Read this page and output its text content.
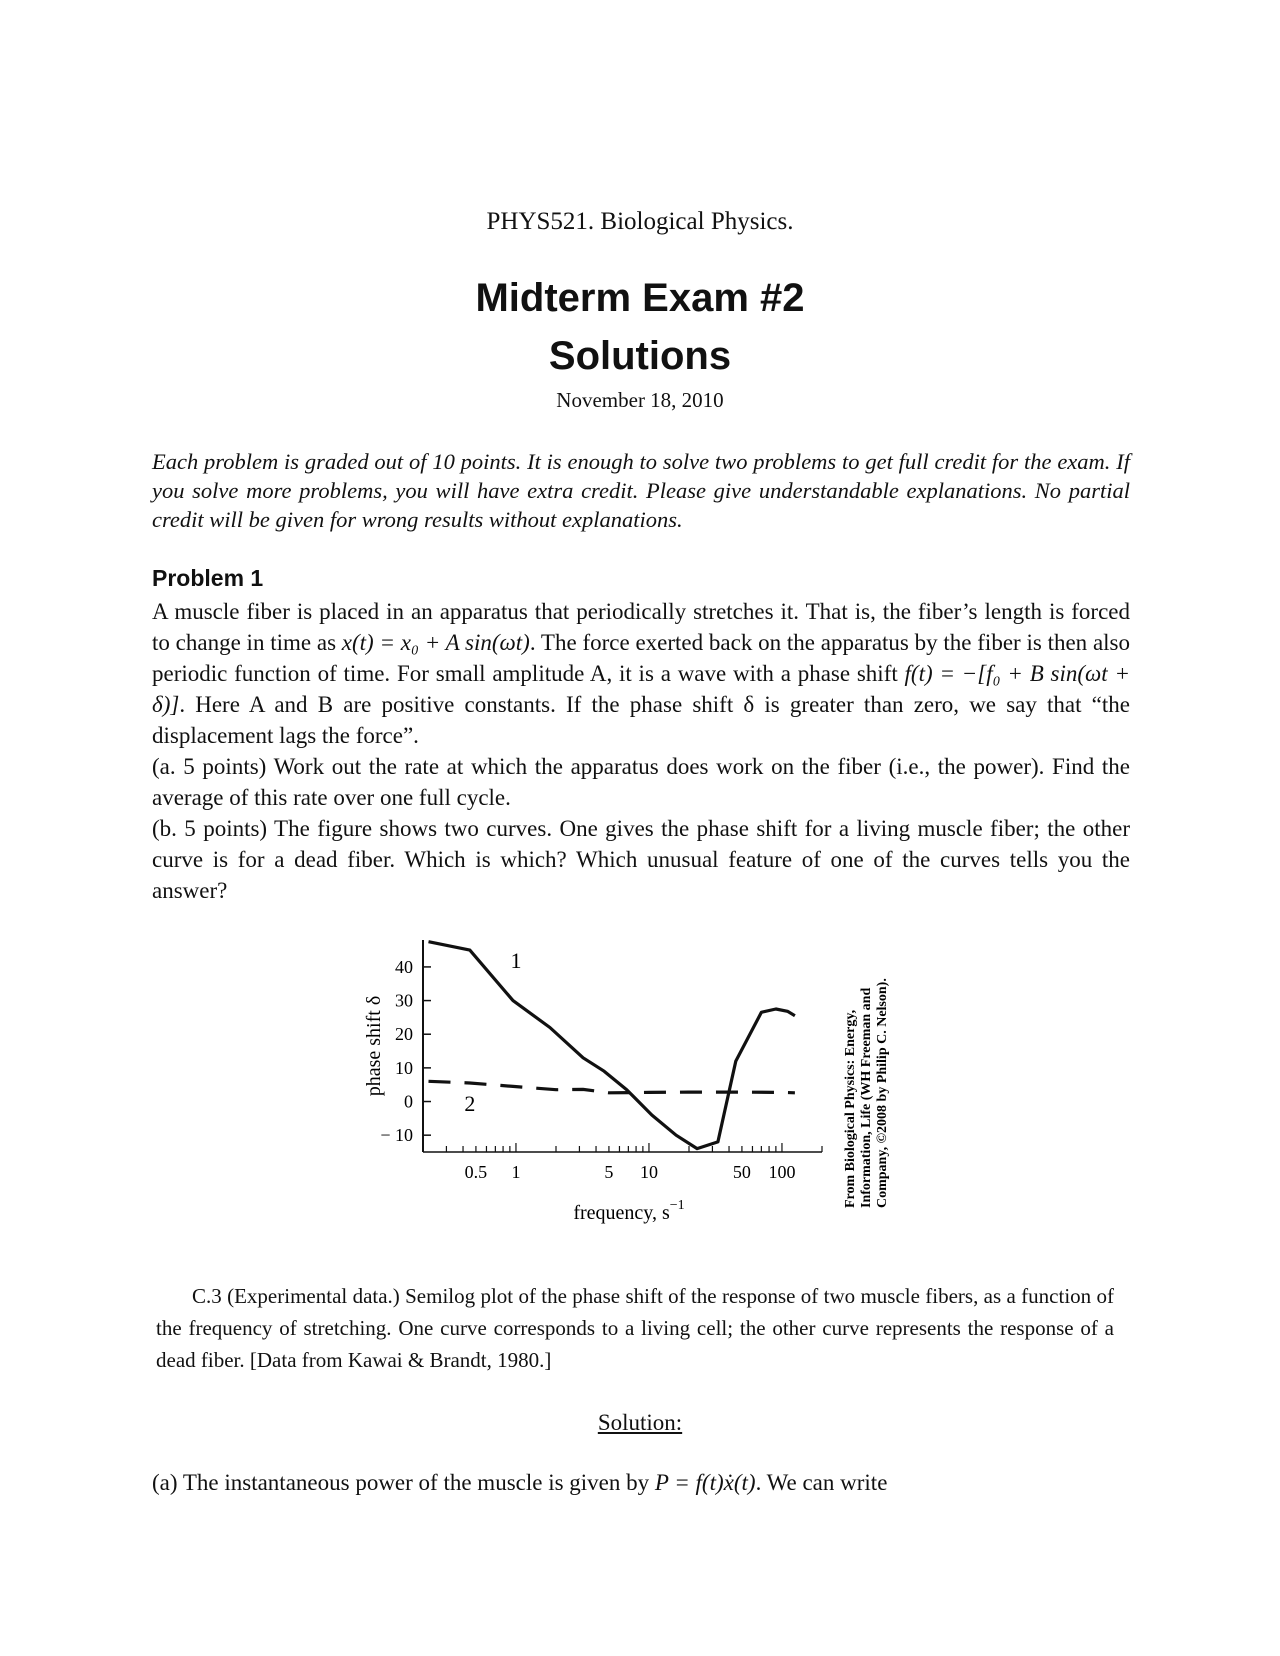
PHYS521. Biological Physics.
Midterm Exam #2
Solutions
November 18, 2010
Each problem is graded out of 10 points. It is enough to solve two problems to get full credit for the exam. If you solve more problems, you will have extra credit. Please give understandable explanations. No partial credit will be given for wrong results without explanations.
Problem 1

A muscle fiber is placed in an apparatus that periodically stretches it. That is, the fiber’s length is forced to change in time as x(t) = x₀ + A sin(ωt). The force exerted back on the apparatus by the fiber is then also periodic function of time. For small amplitude A, it is a wave with a phase shift f(t) = −[f₀ + B sin(ωt + δ)]. Here A and B are positive constants. If the phase shift δ is greater than zero, we say that “the displacement lags the force”.

(a. 5 points) Work out the rate at which the apparatus does work on the fiber (i.e., the power). Find the average of this rate over one full cycle.

(b. 5 points) The figure shows two curves. One gives the phase shift for a living muscle fiber; the other curve is for a dead fiber. Which is which? Which unusual feature of one of the curves tells you the answer?

40
30
20
10
0
− 10
0.5 1	5 10	50 100
1
2
phase shift δ
frequency, $s^{-1}$	From Biological Physics: Energy, Information, Life (WH Freeman and Company, ©2008 by Philip C. Nelson).
C.3 (Experimental data.) Semilog plot of the phase shift of the response of two muscle fibers, as a function of the frequency of stretching. One curve corresponds to a living cell; the other curve represents the response of a dead fiber. [Data from Kawai & Brandt, 1980.]
Solution:
(a) The instantaneous power of the muscle is given by P = f(t)ẋ(t). We can write
